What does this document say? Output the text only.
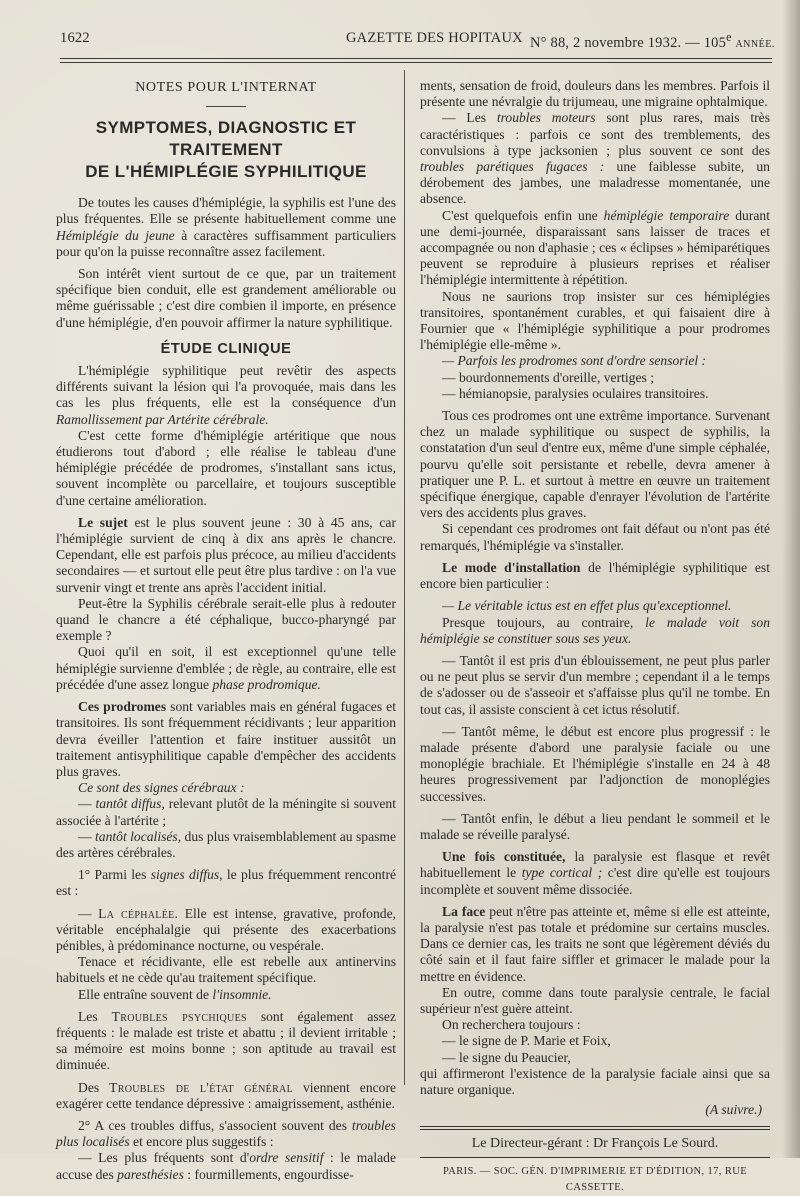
1622	GAZETTE DES HOPITAUX N° 88, 2 novembre 1932. — 105e ANNÉE.
NOTES POUR L'INTERNAT
SYMPTOMES, DIAGNOSTIC ET TRAITEMENT
DE L'HÉMIPLÉGIE SYPHILITIQUE

De toutes les causes d'hémiplégie, la syphilis est l'une des plus fréquentes. Elle se présente habituellement comme une Hémiplégie du jeune à caractères suffisamment particuliers pour qu'on la puisse reconnaître assez facilement.

Son intérêt vient surtout de ce que, par un traitement spécifique bien conduit, elle est grandement améliorable ou même guérissable ; c'est dire combien il importe, en présence d'une hémiplégie, d'en pouvoir affirmer la nature syphilitique.

ÉTUDE CLINIQUE

L'hémiplégie syphilitique peut revêtir des aspects différents suivant la lésion qui l'a provoquée, mais dans les cas les plus fréquents, elle est la conséquence d'un Ramollissement par Artérite cérébrale.

C'est cette forme d'hémiplégie artéritique que nous étudierons tout d'abord ; elle réalise le tableau d'une hémiplégie précédée de prodromes, s'installant sans ictus, souvent incomplète ou parcellaire, et toujours susceptible d'une certaine amélioration.

Le sujet est le plus souvent jeune : 30 à 45 ans, car l'hémiplégie survient de cinq à dix ans après le chancre. Cependant, elle est parfois plus précoce, au milieu d'accidents secondaires — et surtout elle peut être plus tardive : on l'a vue survenir vingt et trente ans après l'accident initial.

Peut-être la Syphilis cérébrale serait-elle plus à redouter quand le chancre a été céphalique, bucco-pharyngé par exemple ?

Quoi qu'il en soit, il est exceptionnel qu'une telle hémiplégie survienne d'emblée ; de règle, au contraire, elle est précédée d'une assez longue phase prodromique.

Ces prodromes sont variables mais en général fugaces et transitoires. Ils sont fréquemment récidivants ; leur apparition devra éveiller l'attention et faire instituer aussitôt un traitement antisyphilitique capable d'empêcher des accidents plus graves.

Ce sont des signes cérébraux :

— tantôt diffus, relevant plutôt de la méningite si souvent associée à l'artérite ;

— tantôt localisés, dus plus vraisemblablement au spasme des artères cérébrales.

1° Parmi les signes diffus, le plus fréquemment rencontré est :

— La céphalée. Elle est intense, gravative, profonde, véritable encéphalalgie qui présente des exacerbations pénibles, à prédominance nocturne, ou vespérale.

Tenace et récidivante, elle est rebelle aux antinervins habituels et ne cède qu'au traitement spécifique.

Elle entraîne souvent de l'insomnie.

Les Troubles psychiques sont également assez fréquents : le malade est triste et abattu ; il devient irritable ; sa mémoire est moins bonne ; son aptitude au travail est diminuée.

Des Troubles de l'état général viennent encore exagérer cette tendance dépressive : amaigrissement, asthénie.

2° A ces troubles diffus, s'associent souvent des troubles plus localisés et encore plus suggestifs :

— Les plus fréquents sont d'ordre sensitif : le malade accuse des paresthésies : fourmillements, engourdisse-

ments, sensation de froid, douleurs dans les membres. Parfois il présente une névralgie du trijumeau, une migraine ophtalmique.

— Les troubles moteurs sont plus rares, mais très caractéristiques : parfois ce sont des tremblements, des convulsions à type jacksonien ; plus souvent ce sont des troubles parétiques fugaces : une faiblesse subite, un dérobement des jambes, une maladresse momentanée, une absence.

C'est quelquefois enfin une hémiplégie temporaire durant une demi-journée, disparaissant sans laisser de traces et accompagnée ou non d'aphasie ; ces « éclipses » hémiparétiques peuvent se reproduire à plusieurs reprises et réaliser l'hémiplégie intermittente à répétition.

Nous ne saurions trop insister sur ces hémiplégies transitoires, spontanément curables, et qui faisaient dire à Fournier que « l'hémiplégie syphilitique a pour prodromes l'hémiplégie elle-même ».

— Parfois les prodromes sont d'ordre sensoriel :

— bourdonnements d'oreille, vertiges ;

— hémianopsie, paralysies oculaires transitoires.

Tous ces prodromes ont une extrême importance. Survenant chez un malade syphilitique ou suspect de syphilis, la constatation d'un seul d'entre eux, même d'une simple céphalée, pourvu qu'elle soit persistante et rebelle, devra amener à pratiquer une P. L. et surtout à mettre en œuvre un traitement spécifique énergique, capable d'enrayer l'évolution de l'artérite vers des accidents plus graves.

Si cependant ces prodromes ont fait défaut ou n'ont pas été remarqués, l'hémiplégie va s'installer.

Le mode d'installation de l'hémiplégie syphilitique est encore bien particulier :

— Le véritable ictus est en effet plus qu'exceptionnel.

Presque toujours, au contraire, le malade voit son hémiplégie se constituer sous ses yeux.

— Tantôt il est pris d'un éblouissement, ne peut plus parler ou ne peut plus se servir d'un membre ; cependant il a le temps de s'adosser ou de s'asseoir et s'affaisse plus qu'il ne tombe. En tout cas, il assiste conscient à cet ictus résolutif.

— Tantôt même, le début est encore plus progressif : le malade présente d'abord une paralysie faciale ou une monoplégie brachiale. Et l'hémiplégie s'installe en 24 à 48 heures progressivement par l'adjonction de monoplégies successives.

— Tantôt enfin, le début a lieu pendant le sommeil et le malade se réveille paralysé.

Une fois constituée, la paralysie est flasque et revêt habituellement le type cortical ; c'est dire qu'elle est toujours incomplète et souvent même dissociée.

La face peut n'être pas atteinte et, même si elle est atteinte, la paralysie n'est pas totale et prédomine sur certains muscles. Dans ce dernier cas, les traits ne sont que légèrement déviés du côté sain et il faut faire siffler et grimacer le malade pour la mettre en évidence.

En outre, comme dans toute paralysie centrale, le facial supérieur n'est guère atteint.

On recherchera toujours :

— le signe de P. Marie et Foix,

— le signe du Peaucier,

qui affirmeront l'existence de la paralysie faciale ainsi que sa nature organique.

(A suivre.)
Le Directeur-gérant : Dr François Le Sourd.
PARIS. — SOC. GÉN. D'IMPRIMERIE ET D'ÉDITION, 17, RUE CASSETTE.
